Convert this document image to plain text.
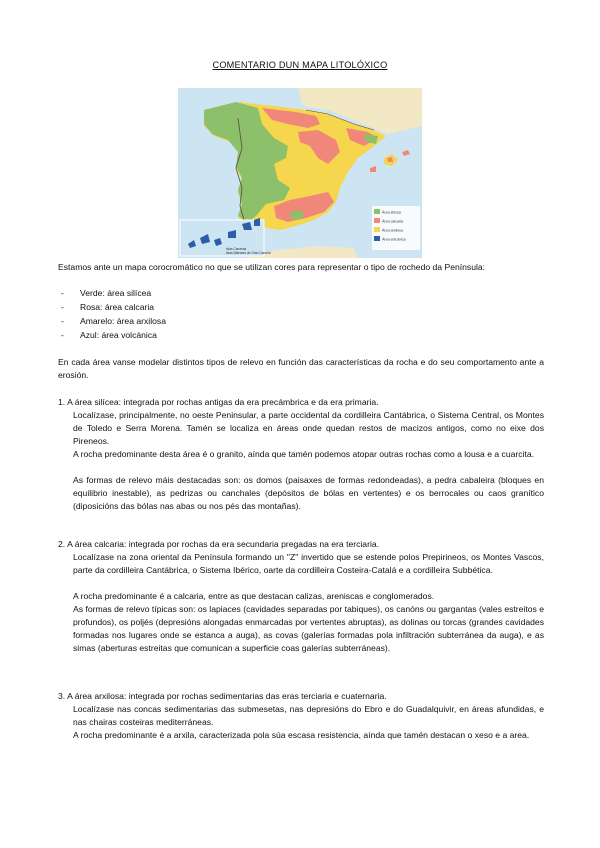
COMENTARIO DUN MAPA LITOLÓXICO
Área silícea
Área calcaria
Área arxilosa
Área volcánica
Islas Canarias
Islas Baleares de Gran Canaria
Estamos ante un mapa corocromático no que se utilizan cores para representar o tipo de rochedo da Península:
- Verde: área silícea
- Rosa: área calcaria
- Amarelo: área arxilosa
- Azul: área volcánica
En cada área vanse modelar distintos tipos de relevo en función das características da rocha e do seu comportamento ante a erosión.
1. A área silícea: integrada por rochas antigas da era precámbrica e da era primaria.
Localízase, principalmente, no oeste Peninsular, a parte occidental da cordilleira Cantábrica, o Sistema Central, os Montes de Toledo e Serra Morena. Tamén se localiza en áreas onde quedan restos de macizos antigos, como no eixe dos Pireneos.
A rocha predominante desta área é o granito, aínda que tamén podemos atopar outras rochas como a lousa e a cuarcita.
As formas de relevo máis destacadas son: os domos (paisaxes de formas redondeadas), a pedra cabaleira (bloques en equilibrio inestable), as pedrizas ou canchales (depósitos de bólas en vertentes) e os berrocales ou caos granítico (diposicións das bólas nas abas ou nos pés das montañas).
2. A área calcaria: integrada por rochas da era secundaria pregadas na era terciaria.
Localízase na zona oriental da Península formando un "Z" invertido que se estende polos Prepirineos, os Montes Vascos, parte da cordilleira Cantábrica, o Sistema Ibérico, oarte da cordilleira Costeira-Catalá e a cordilleira Subbética.
A rocha predominante é a calcaria, entre as que destacan calizas, areniscas e conglomerados.
As formas de relevo típicas son: os lapiaces (cavidades separadas por tabiques), os canóns ou gargantas (vales estreitos e profundos), os poljés (depresións alongadas enmarcadas por vertentes abruptas), as dolinas ou torcas (grandes cavidades formadas nos lugares onde se estanca a auga), as covas (galerías formadas pola infiltración subterránea da auga), e as simas (aberturas estreitas que comunican a superficie coas galerías subterráneas).
3. A área arxilosa: integrada por rochas sedimentarias das eras terciaria e cuaternaria.
Localízase nas concas sedimentarias das submesetas, nas depresións do Ebro e do Guadalquivir, en áreas afundidas, e nas chairas costeiras mediterráneas.
A rocha predominante é a arxila, caracterizada pola súa escasa resistencia, aínda que tamén destacan o xeso e a area.
